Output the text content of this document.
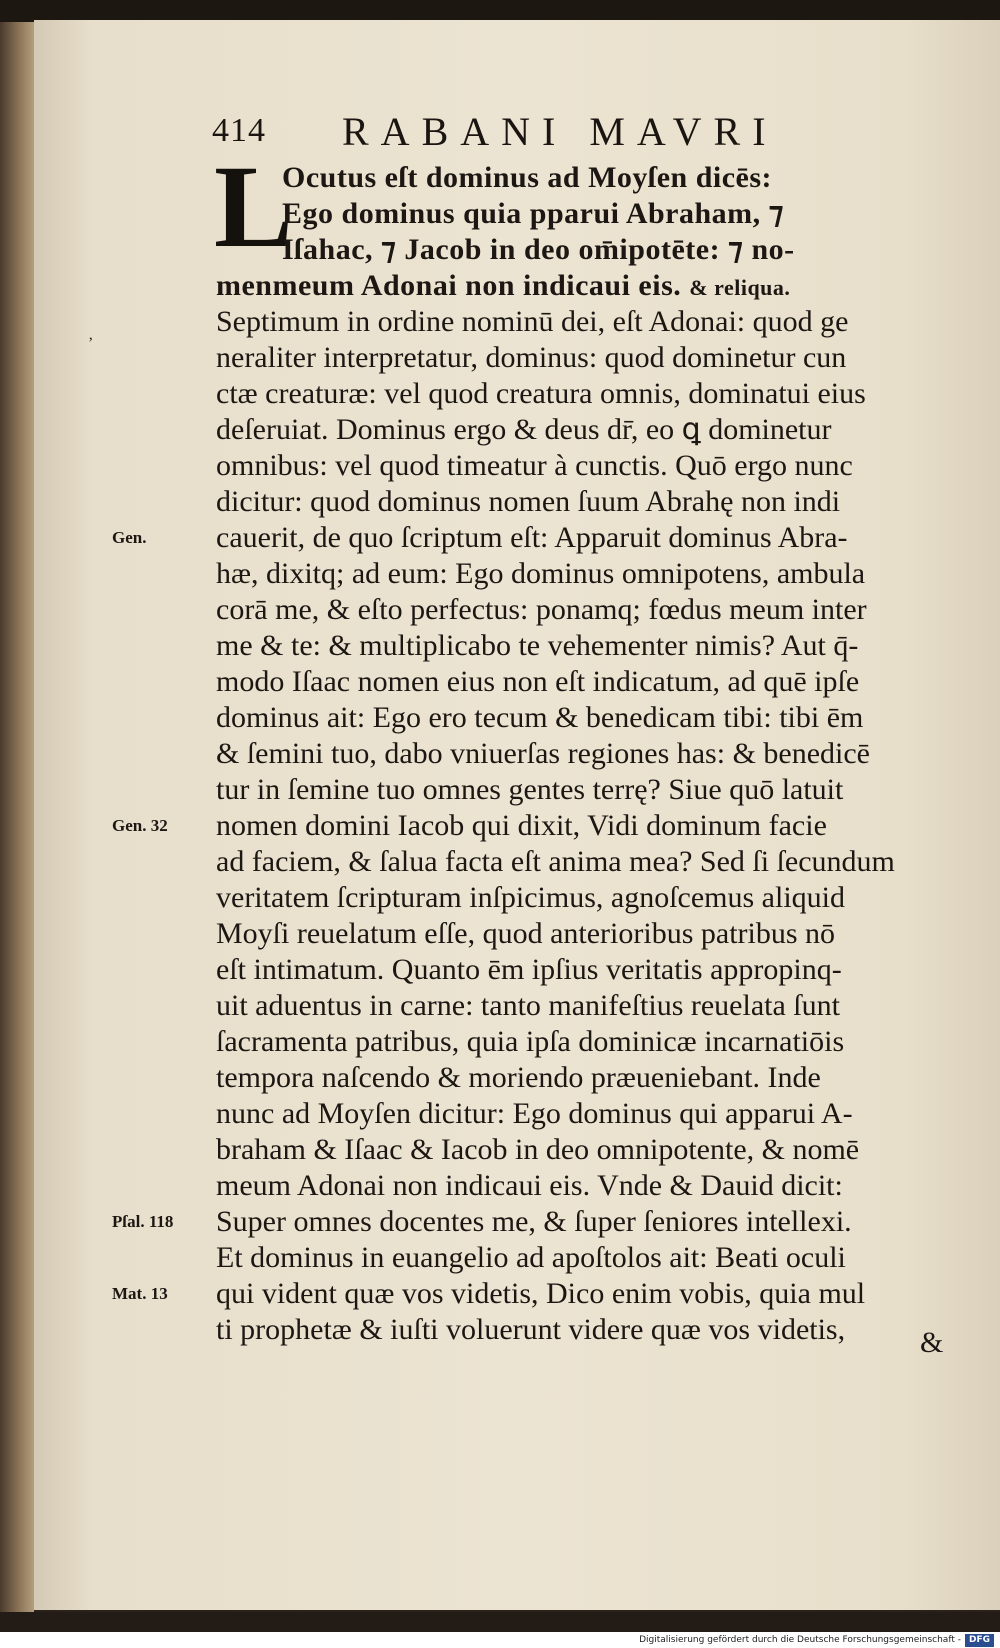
414 RABANI MAVRI
L
ʼ
Ocutus eſt dominus ad Moyſen dicēs:
Ego dominus quia pparui Abraham, ⁊
Iſahac, ⁊ Jacob in deo om̄ipotēte: ⁊ no-
menmeum Adonai non indicaui eis. & reliqua.
Septimum in ordine nominū dei, eſt Adonai: quod ge
neraliter interpretatur, dominus: quod dominetur cun
ctæ creaturæ: vel quod creatura omnis, dominatui eius
deſeruiat. Dominus ergo & deus dr̄, eo ꝗ dominetur
omnibus: vel quod timeatur à cunctis. Quō ergo nunc
dicitur: quod dominus nomen ſuum Abrahę non indi
cauerit, de quo ſcriptum eſt: Apparuit dominus Abra-
hæ, dixitq; ad eum: Ego dominus omnipotens, ambula
corā me, & eſto perfectus: ponamq; fœdus meum inter
me & te: & multiplicabo te vehementer nimis? Aut q̄-
modo Iſaac nomen eius non eſt indicatum, ad quē ipſe
dominus ait: Ego ero tecum & benedicam tibi: tibi ēm
& ſemini tuo, dabo vniuerſas regiones has: & benedicē
tur in ſemine tuo omnes gentes terrę? Siue quō latuit
nomen domini Iacob qui dixit, Vidi dominum facie
ad faciem, & ſalua facta eſt anima mea? Sed ſi ſecundum
veritatem ſcripturam inſpicimus, agnoſcemus aliquid
Moyſi reuelatum eſſe, quod anterioribus patribus nō
eſt intimatum. Quanto ēm ipſius veritatis appropinq-
uit aduentus in carne: tanto manifeſtius reuelata ſunt
ſacramenta patribus, quia ipſa dominicæ incarnatiōis
tempora naſcendo & moriendo præueniebant. Inde
nunc ad Moyſen dicitur: Ego dominus qui apparui A-
braham & Iſaac & Iacob in deo omnipotente, & nomē
meum Adonai non indicaui eis. Vnde & Dauid dicit:
Super omnes docentes me, & ſuper ſeniores intellexi.
Et dominus in euangelio ad apoſtolos ait: Beati oculi
qui vident quæ vos videtis, Dico enim vobis, quia mul
ti prophetæ & iuſti voluerunt videre quæ vos videtis, &
Gen.
Gen. 32
Pſal. 118
Mat. 13
Digitalisierung gefördert durch die Deutsche Forschungsgemeinschaft - DFG
